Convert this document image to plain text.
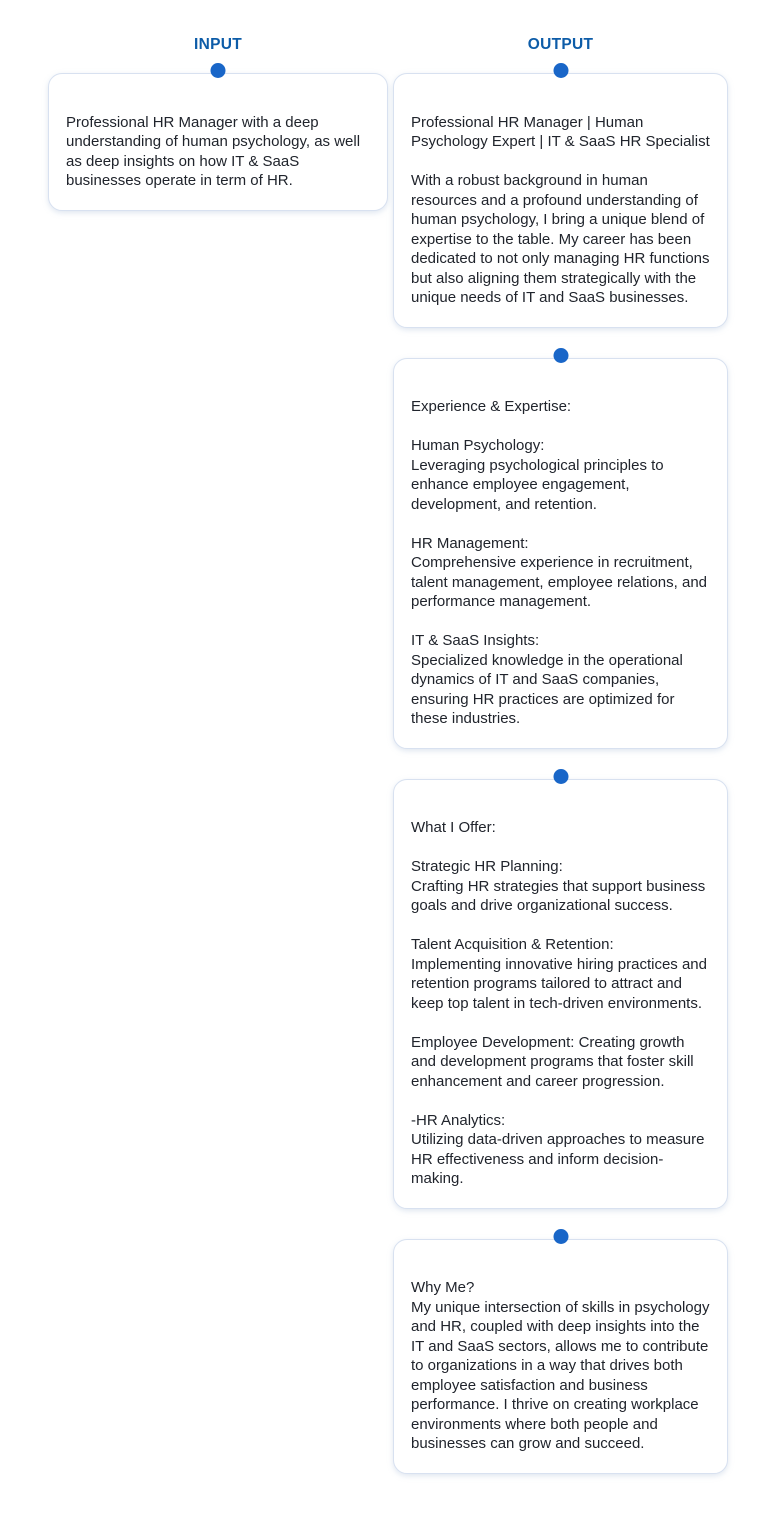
INPUT

Professional HR Manager with a deep understanding of human psychology, as well as deep insights on how IT & SaaS businesses operate in term of HR.

OUTPUT

Professional HR Manager | Human Psychology Expert | IT & SaaS HR Specialist

With a robust background in human resources and a profound understanding of human psychology, I bring a unique blend of expertise to the table. My career has been dedicated to not only managing HR functions but also aligning them strategically with the unique needs of IT and SaaS businesses.

Experience & Expertise:

Human Psychology:
Leveraging psychological principles to enhance employee engagement, development, and retention.

HR Management:
Comprehensive experience in recruitment, talent management, employee relations, and performance management.

IT & SaaS Insights:
Specialized knowledge in the operational dynamics of IT and SaaS companies, ensuring HR practices are optimized for these industries.

What I Offer:

Strategic HR Planning:
Crafting HR strategies that support business goals and drive organizational success.

Talent Acquisition & Retention:
Implementing innovative hiring practices and retention programs tailored to attract and keep top talent in tech-driven environments.

Employee Development: Creating growth and development programs that foster skill enhancement and career progression.

-HR Analytics:
Utilizing data-driven approaches to measure HR effectiveness and inform decision-making.

Why Me?
My unique intersection of skills in psychology and HR, coupled with deep insights into the IT and SaaS sectors, allows me to contribute to organizations in a way that drives both employee satisfaction and business performance. I thrive on creating workplace environments where both people and businesses can grow and succeed.
